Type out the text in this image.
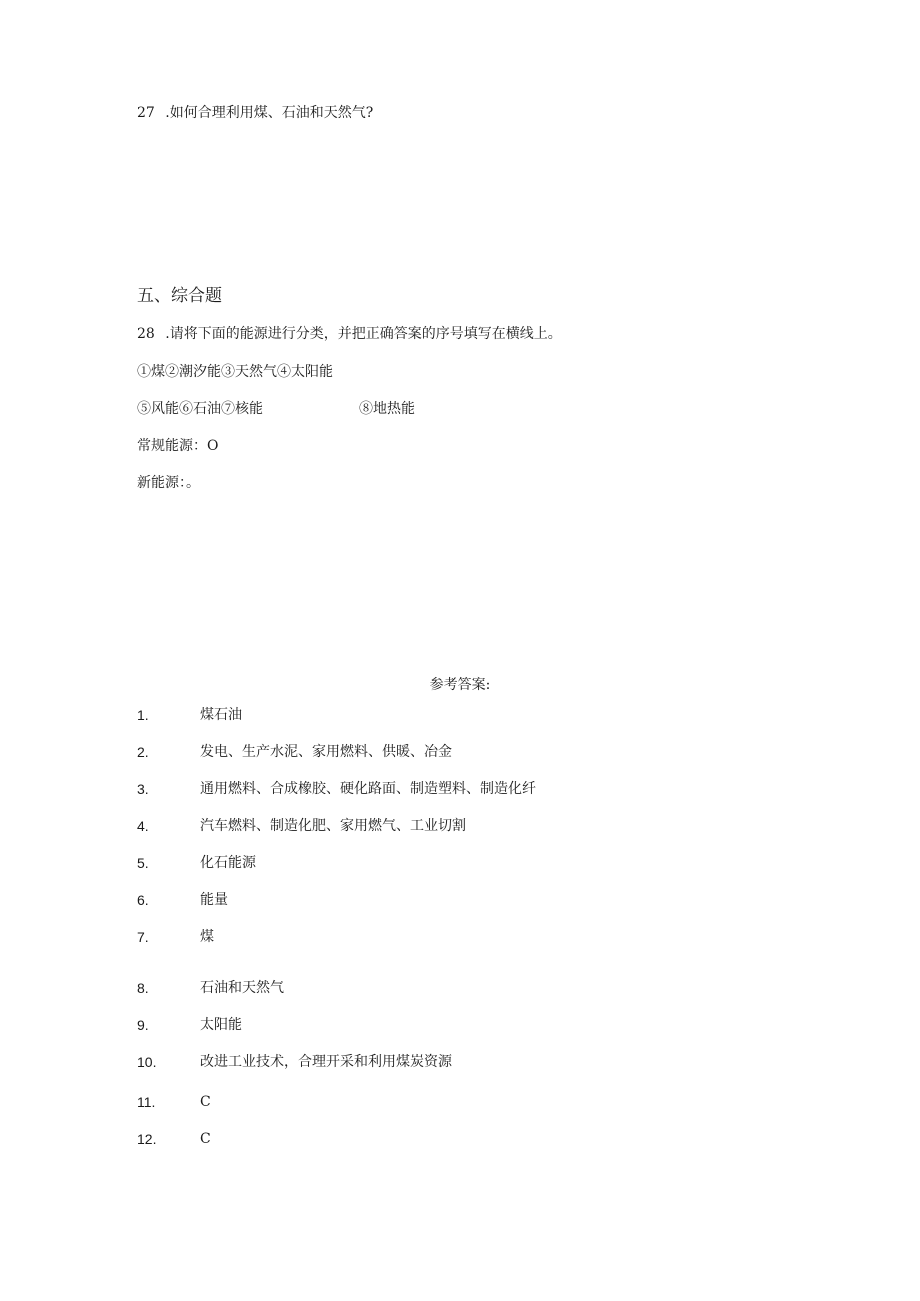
27 .如何合理利用煤、石油和天然气?
五、综合题
28 .请将下面的能源进行分类，并把正确答案的序号填写在横线上。
①煤②潮汐能③天然气④太阳能
⑤风能⑥石油⑦核能	⑧地热能
常规能源：O
新能源：。
参考答案:
1.	煤石油
2.	发电、生产水泥、家用燃料、供暖、冶金
3.	通用燃料、合成橡胶、硬化路面、制造塑料、制造化纤
4.	汽车燃料、制造化肥、家用燃气、工业切割
5.	化石能源
6.	能量
7.	煤
8.	石油和天然气
9.	太阳能
10.	改进工业技术，合理开采和利用煤炭资源
11.	C
12.	C
